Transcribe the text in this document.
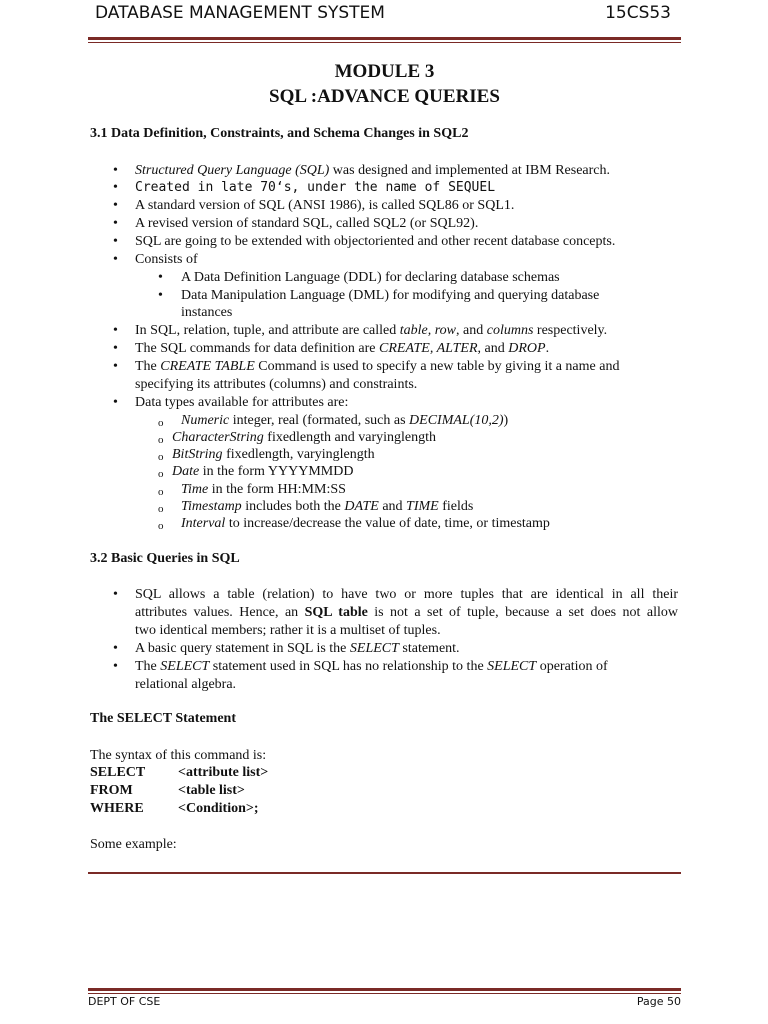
DATABASE MANAGEMENT SYSTEM	15CS53
MODULE 3
SQL :ADVANCE QUERIES
3.1 Data Definition, Constraints, and Schema Changes in SQL2
• Structured Query Language (SQL) was designed and implemented at IBM Research.
• Created in late 70‘s, under the name of SEQUEL
• A standard version of SQL (ANSI 1986), is called SQL86 or SQL1.
• A revised version of standard SQL, called SQL2 (or SQL92).
• SQL are going to be extended with objectoriented and other recent database concepts.
• Consists of
• A Data Definition Language (DDL) for declaring database schemas
• Data Manipulation Language (DML) for modifying and querying database
instances
• In SQL, relation, tuple, and attribute are called table, row, and columns respectively.
• The SQL commands for data definition are CREATE, ALTER, and DROP.
• The CREATE TABLE Command is used to specify a new table by giving it a name and
specifying its attributes (columns) and constraints.
• Data types available for attributes are:
o Numeric integer, real (formated, such as DECIMAL(10,2))
o CharacterString fixedlength and varyinglength
o BitString fixedlength, varyinglength
o Date in the form YYYYMMDD
o Time in the form HH:MM:SS
o Timestamp includes both the DATE and TIME fields
o Interval to increase/decrease the value of date, time, or timestamp
3.2 Basic Queries in SQL
• SQL allows a table (relation) to have two or more tuples that are identical in all their
attributes values. Hence, an SQL table is not a set of tuple, because a set does not allow
two identical members; rather it is a multiset of tuples.
• A basic query statement in SQL is the SELECT statement.
• The SELECT statement used in SQL has no relationship to the SELECT operation of
relational algebra.
The SELECT Statement
The syntax of this command is:
SELECT <attribute list>
FROM	<table list>
WHERE <Condition>;
Some example:
DEPT OF CSE	Page 50
